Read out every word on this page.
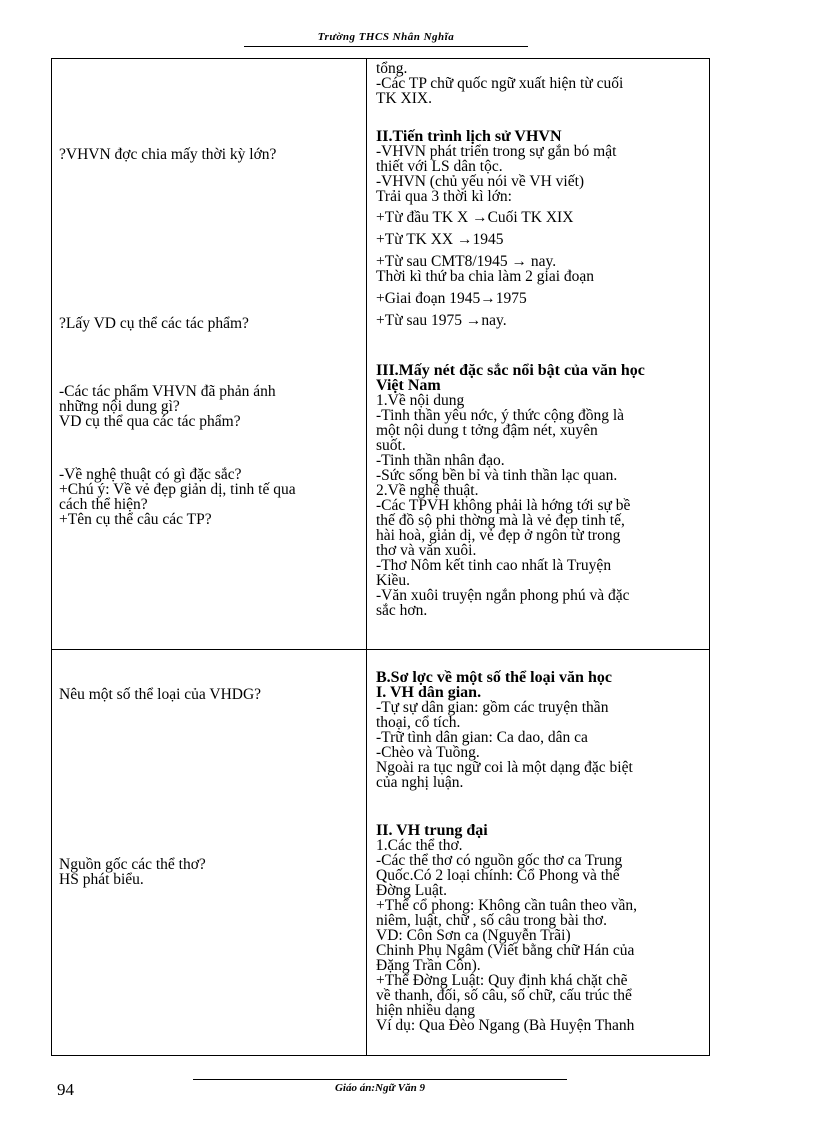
Trường THCS Nhân Nghĩa
?VHVN đợc chia mấy thời kỳ lớn?
?Lấy VD cụ thể các tác phẩm?
-Các tác phẩm VHVN đã phản ánh
những nội dung gì?
VD cụ thể qua các tác phẩm?
-Về nghệ thuật có gì đặc sắc?
+Chú ý: Về vẻ đẹp giản dị, tinh tế qua
cách thể hiện?
+Tên cụ thể câu các TP?
tổng.
-Các TP chữ quốc ngữ xuất hiện từ cuối
TK XIX.
II.Tiến trình lịch sử VHVN
-VHVN phát triển trong sự gắn bó mật
thiết với LS dân tộc.
-VHVN (chủ yếu nói về VH viết)
Trải qua 3 thời kì lớn:
+Từ đầu TK X →Cuối TK XIX
+Từ TK XX →1945
+Từ sau CMT8/1945 → nay.
Thời kì thứ ba chia làm 2 giai đoạn
+Giai đoạn 1945→1975
+Từ sau 1975 →nay.
III.Mấy nét đặc sắc nổi bật của văn học
Việt Nam
1.Về nội dung
-Tinh thần yêu nớc, ý thức cộng đồng là
một nội dung t tởng đậm nét, xuyên
suốt.
-Tinh thần nhân đạo.
-Sức sống bền bỉ và tinh thần lạc quan.
2.Về nghệ thuật.
-Các TPVH không phải là hớng tới sự bề
thế đồ sộ phi thờng mà là vẻ đẹp tinh tế,
hài hoà, giản dị, vẻ đẹp ở ngôn từ trong
thơ và văn xuôi.
-Thơ Nôm kết tinh cao nhất là Truyện
Kiều.
-Văn xuôi truyện ngắn phong phú và đặc
sắc hơn.
Nêu một số thể loại của VHDG?
Nguồn gốc các thể thơ?
HS phát biểu.
B.Sơ lợc về một số thể loại văn học
I. VH dân gian.
-Tự sự dân gian: gồm các truyện thần
thoại, cổ tích.
-Trữ tình dân gian: Ca dao, dân ca
-Chèo và Tuồng.
Ngoài ra tục ngữ coi là một dạng đặc biệt
của nghị luận.
II. VH trung đại
1.Các thể thơ.
-Các thể thơ có nguồn gốc thơ ca Trung
Quốc.Có 2 loại chính: Cổ Phong và thể
Đờng Luật.
+Thể cổ phong: Không cần tuân theo vần,
niêm, luật, chữ , số câu trong bài thơ.
VD: Côn Sơn ca (Nguyễn Trãi)
Chinh Phụ Ngâm (Viết bằng chữ Hán của
Đặng Trần Côn).
+Thể Đờng Luật: Quy định khá chặt chẽ
về thanh, đối, số câu, số chữ, cấu trúc thể
hiện nhiều dạng
Ví dụ: Qua Đèo Ngang (Bà Huyện Thanh
94	Giáo án:Ngữ Văn 9
